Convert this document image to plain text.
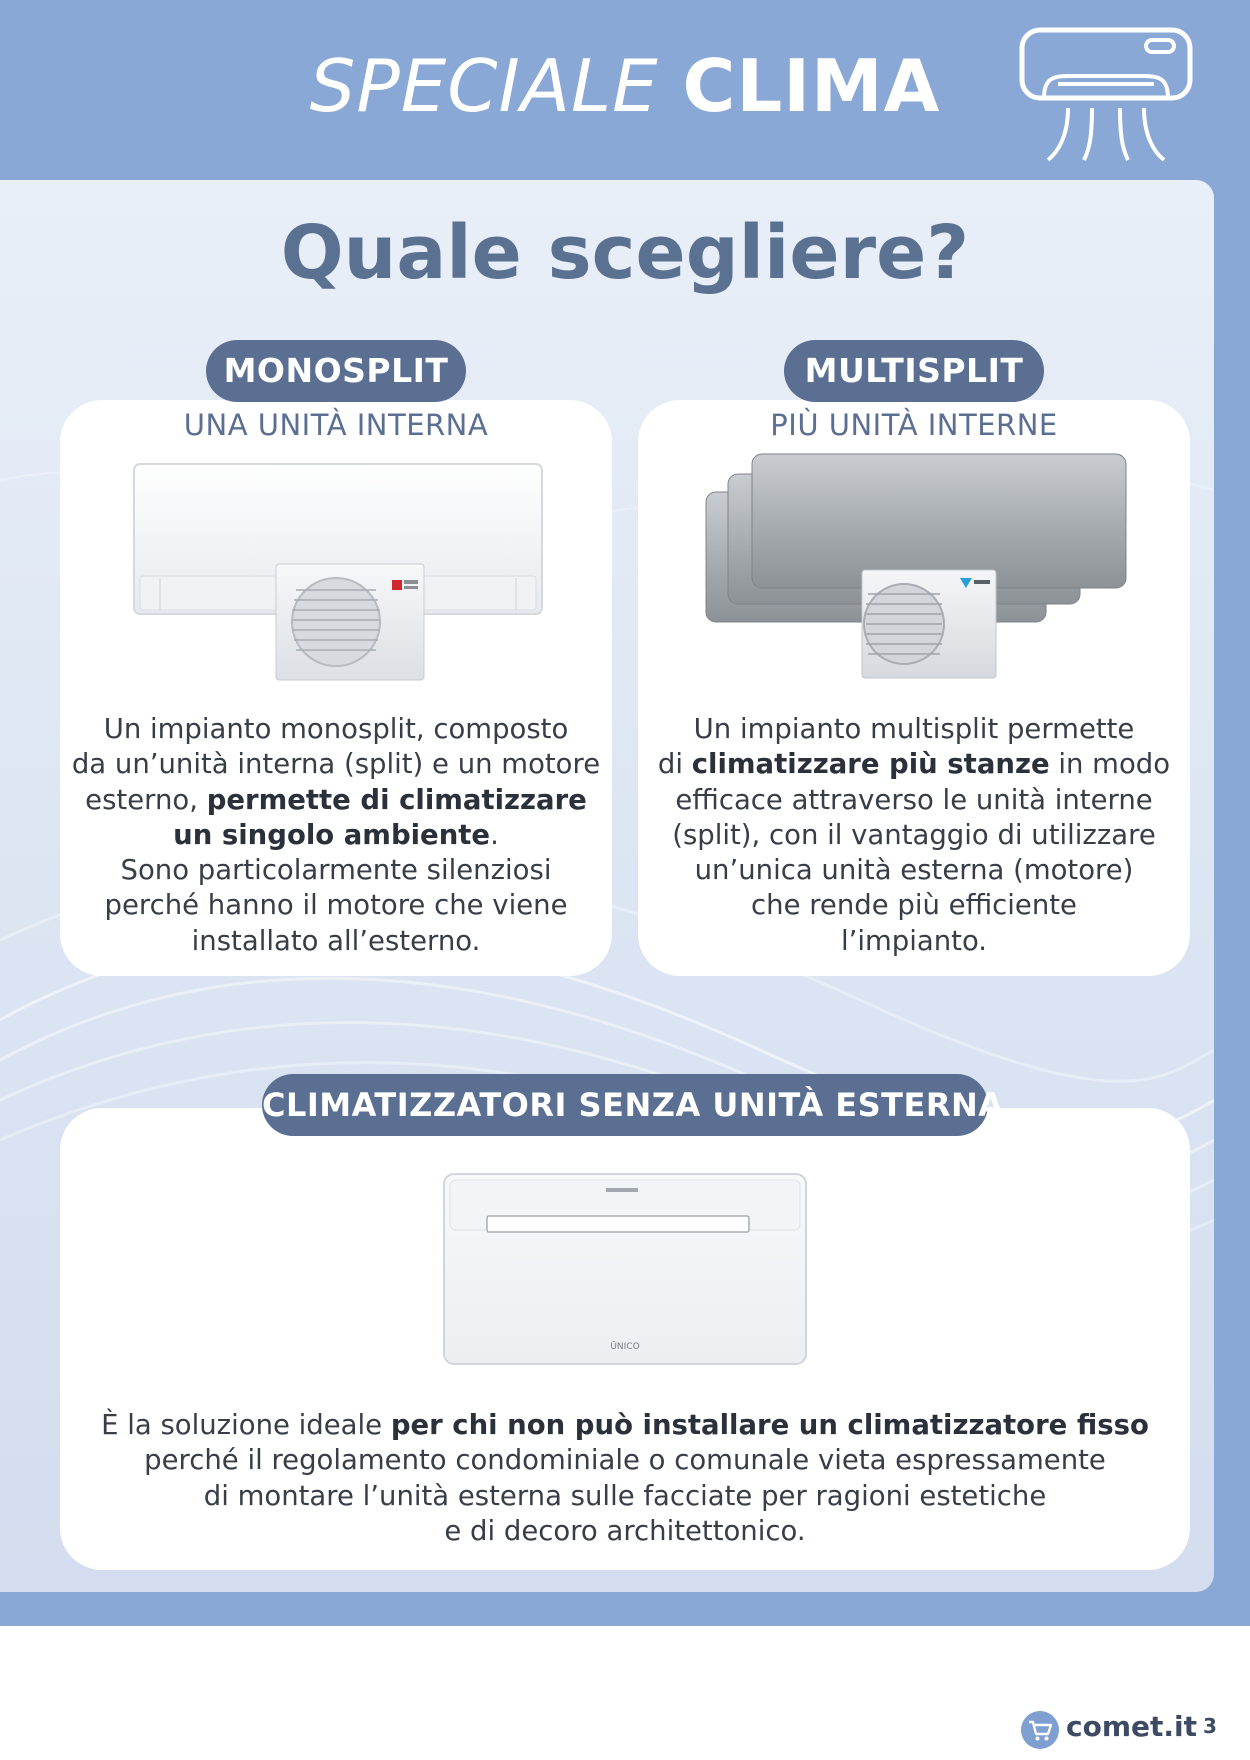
SPECIALE CLIMA
Quale scegliere?
MONOSPLIT	MULTISPLIT
CLIMATIZZATORI SENZA UNITÀ ESTERNA
UNA UNITÀ INTERNA	PIÙ UNITÀ INTERNE
ŪNICO
Un impianto monosplit, composto
da un’unità interna (split) e un motore
esterno, permette di climatizzare
un singolo ambiente.
Sono particolarmente silenziosi
perché hanno il motore che viene
installato all’esterno.
Un impianto multisplit permette
di climatizzare più stanze in modo
efficace attraverso le unità interne
(split), con il vantaggio di utilizzare
un’unica unità esterna (motore)
che rende più efficiente
l’impianto.
È la soluzione ideale per chi non può installare un climatizzatore fisso
perché il regolamento condominiale o comunale vieta espressamente
di montare l’unità esterna sulle facciate per ragioni estetiche
e di decoro architettonico.
comet.it 3
